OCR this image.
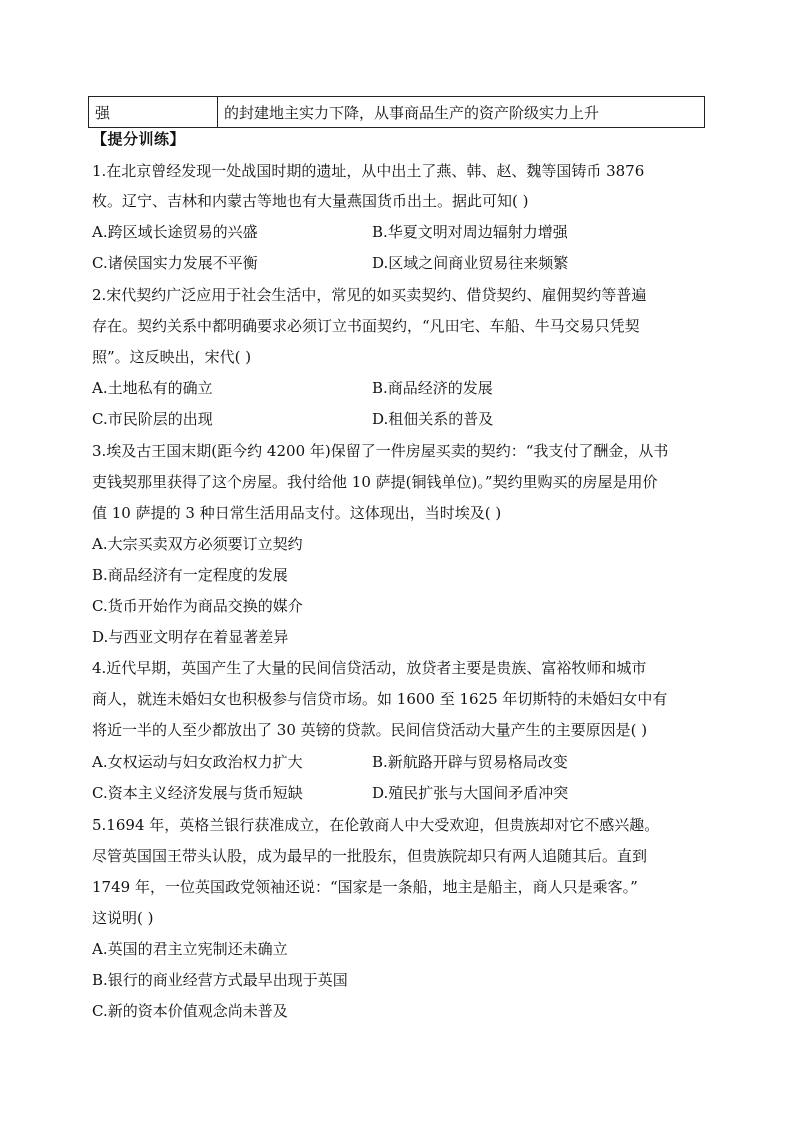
强	的封建地主实力下降，从事商品生产的资产阶级实力上升
【提分训练】
1.在北京曾经发现一处战国时期的遗址，从中出土了燕、韩、赵、魏等国铸币 3876
枚。辽宁、吉林和内蒙古等地也有大量燕国货币出土。据此可知( )
A.跨区域长途贸易的兴盛	B.华夏文明对周边辐射力增强
C.诸侯国实力发展不平衡	D.区域之间商业贸易往来频繁
2.宋代契约广泛应用于社会生活中，常见的如买卖契约、借贷契约、雇佣契约等普遍
存在。契约关系中都明确要求必须订立书面契约，“凡田宅、车船、牛马交易只凭契
照”。这反映出，宋代( )
A.土地私有的确立	B.商品经济的发展
C.市民阶层的出现	D.租佃关系的普及
3.埃及古王国末期(距今约 4200 年)保留了一件房屋买卖的契约：“我支付了酬金，从书
吏钱契那里获得了这个房屋。我付给他 10 萨提(铜钱单位)。”契约里购买的房屋是用价
值 10 萨提的 3 种日常生活用品支付。这体现出，当时埃及( )
A.大宗买卖双方必须要订立契约
B.商品经济有一定程度的发展
C.货币开始作为商品交换的媒介
D.与西亚文明存在着显著差异
4.近代早期，英国产生了大量的民间信贷活动，放贷者主要是贵族、富裕牧师和城市
商人，就连未婚妇女也积极参与信贷市场。如 1600 至 1625 年切斯特的未婚妇女中有
将近一半的人至少都放出了 30 英镑的贷款。民间信贷活动大量产生的主要原因是( )
A.女权运动与妇女政治权力扩大	B.新航路开辟与贸易格局改变
C.资本主义经济发展与货币短缺	D.殖民扩张与大国间矛盾冲突
5.1694 年，英格兰银行获准成立，在伦敦商人中大受欢迎，但贵族却对它不感兴趣。
尽管英国国王带头认股，成为最早的一批股东，但贵族院却只有两人追随其后。直到
1749 年，一位英国政党领袖还说：“国家是一条船，地主是船主，商人只是乘客。”
这说明( )
A.英国的君主立宪制还未确立
B.银行的商业经营方式最早出现于英国
C.新的资本价值观念尚未普及
